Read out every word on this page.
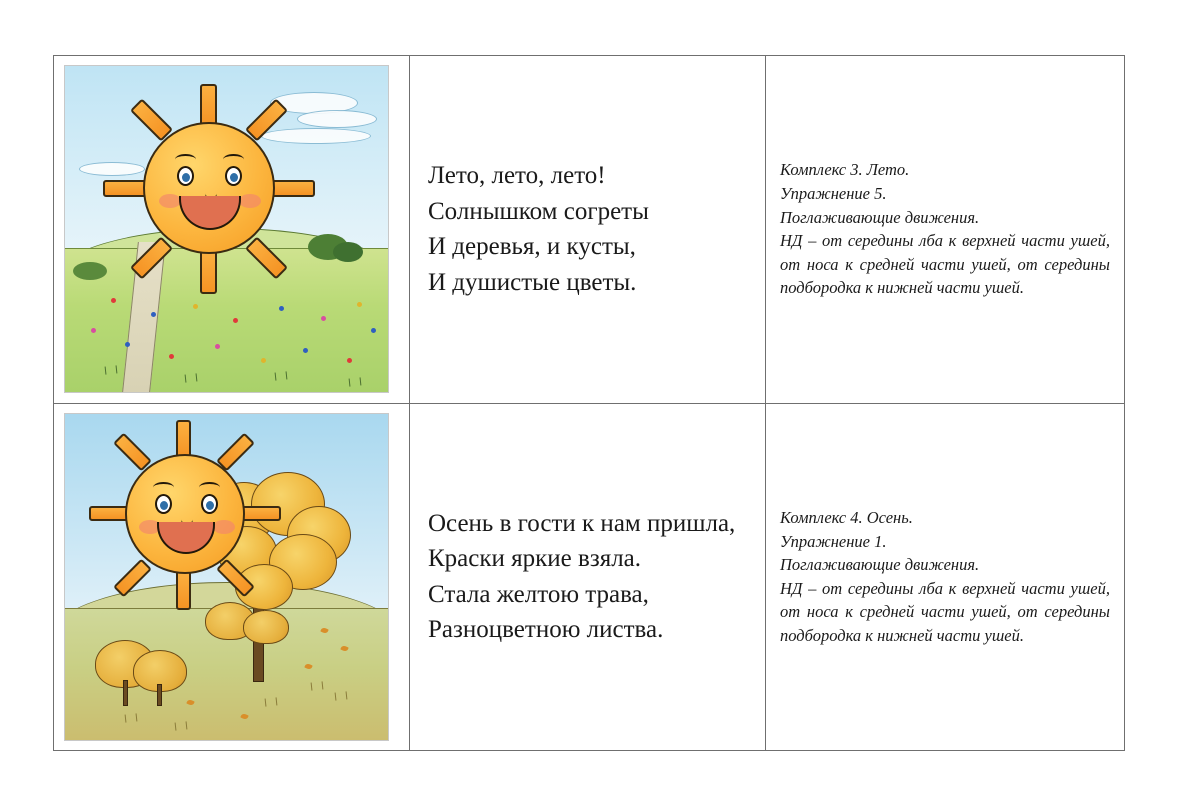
Лето, лето, лето!
Солнышком согреты
И деревья, и кусты,
И душистые цветы.

Комплекс 3. Лето.
Упражнение 5.
Поглаживающие движения.
НД – от середины лба к верхней части ушей, от носа к средней части ушей, от середины подбородка к нижней части ушей.

Осень в гости к нам пришла,
Краски яркие взяла.
Стала желтою трава,
Разноцветною листва.

Комплекс 4. Осень.
Упражнение 1.
Поглаживающие движения.
НД – от середины лба к верхней части ушей, от носа к средней части ушей, от середины подбородка к нижней части ушей.
